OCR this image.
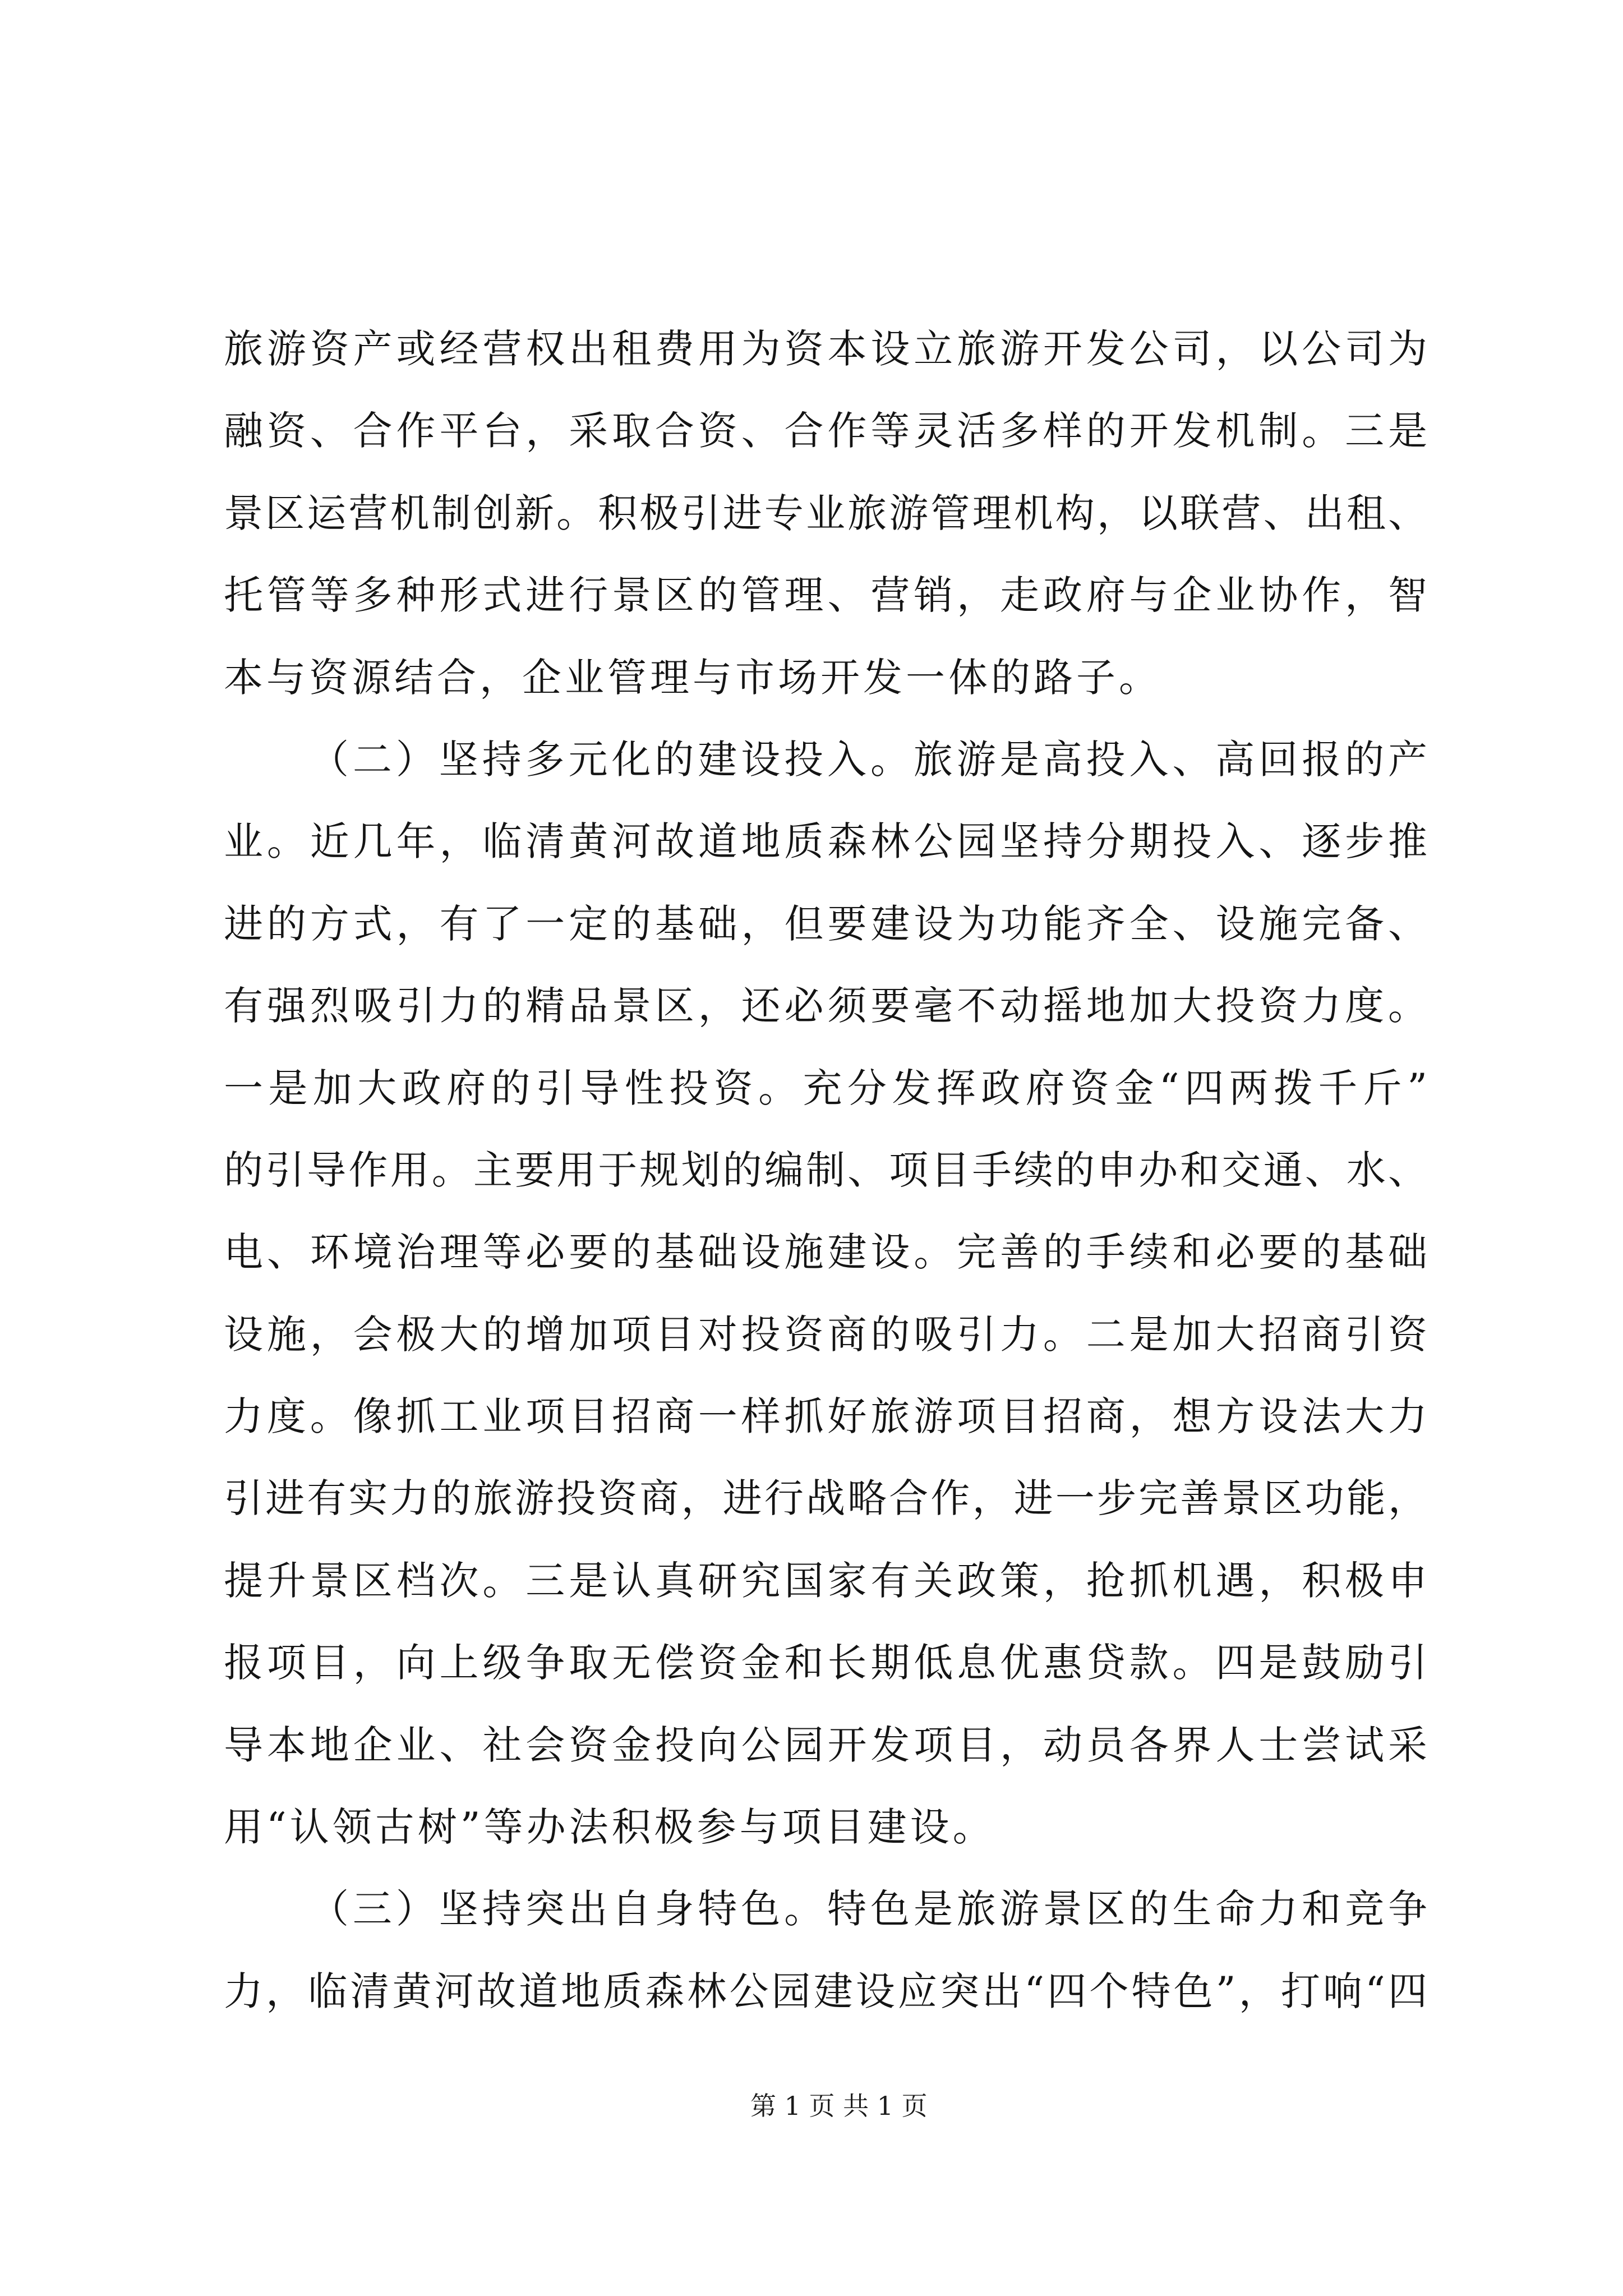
旅游资产或经营权出租费用为资本设立旅游开发公司，以公司为
融资、合作平台，采取合资、合作等灵活多样的开发机制。三是
景区运营机制创新。积极引进专业旅游管理机构，以联营、出租、
托管等多种形式进行景区的管理、营销，走政府与企业协作，智
本与资源结合，企业管理与市场开发一体的路子。
（二）坚持多元化的建设投入。旅游是高投入、高回报的产
业。近几年，临清黄河故道地质森林公园坚持分期投入、逐步推
进的方式，有了一定的基础，但要建设为功能齐全、设施完备、
有强烈吸引力的精品景区，还必须要毫不动摇地加大投资力度。
一是加大政府的引导性投资。充分发挥政府资金“四两拨千斤”
的引导作用。主要用于规划的编制、项目手续的申办和交通、水、
电、环境治理等必要的基础设施建设。完善的手续和必要的基础
设施，会极大的增加项目对投资商的吸引力。二是加大招商引资
力度。像抓工业项目招商一样抓好旅游项目招商，想方设法大力
引进有实力的旅游投资商，进行战略合作，进一步完善景区功能，
提升景区档次。三是认真研究国家有关政策，抢抓机遇，积极申
报项目，向上级争取无偿资金和长期低息优惠贷款。四是鼓励引
导本地企业、社会资金投向公园开发项目，动员各界人士尝试采
用“认领古树”等办法积极参与项目建设。
（三）坚持突出自身特色。特色是旅游景区的生命力和竞争
力，临清黄河故道地质森林公园建设应突出“四个特色”，打响“四
第 1 页 共 1 页
